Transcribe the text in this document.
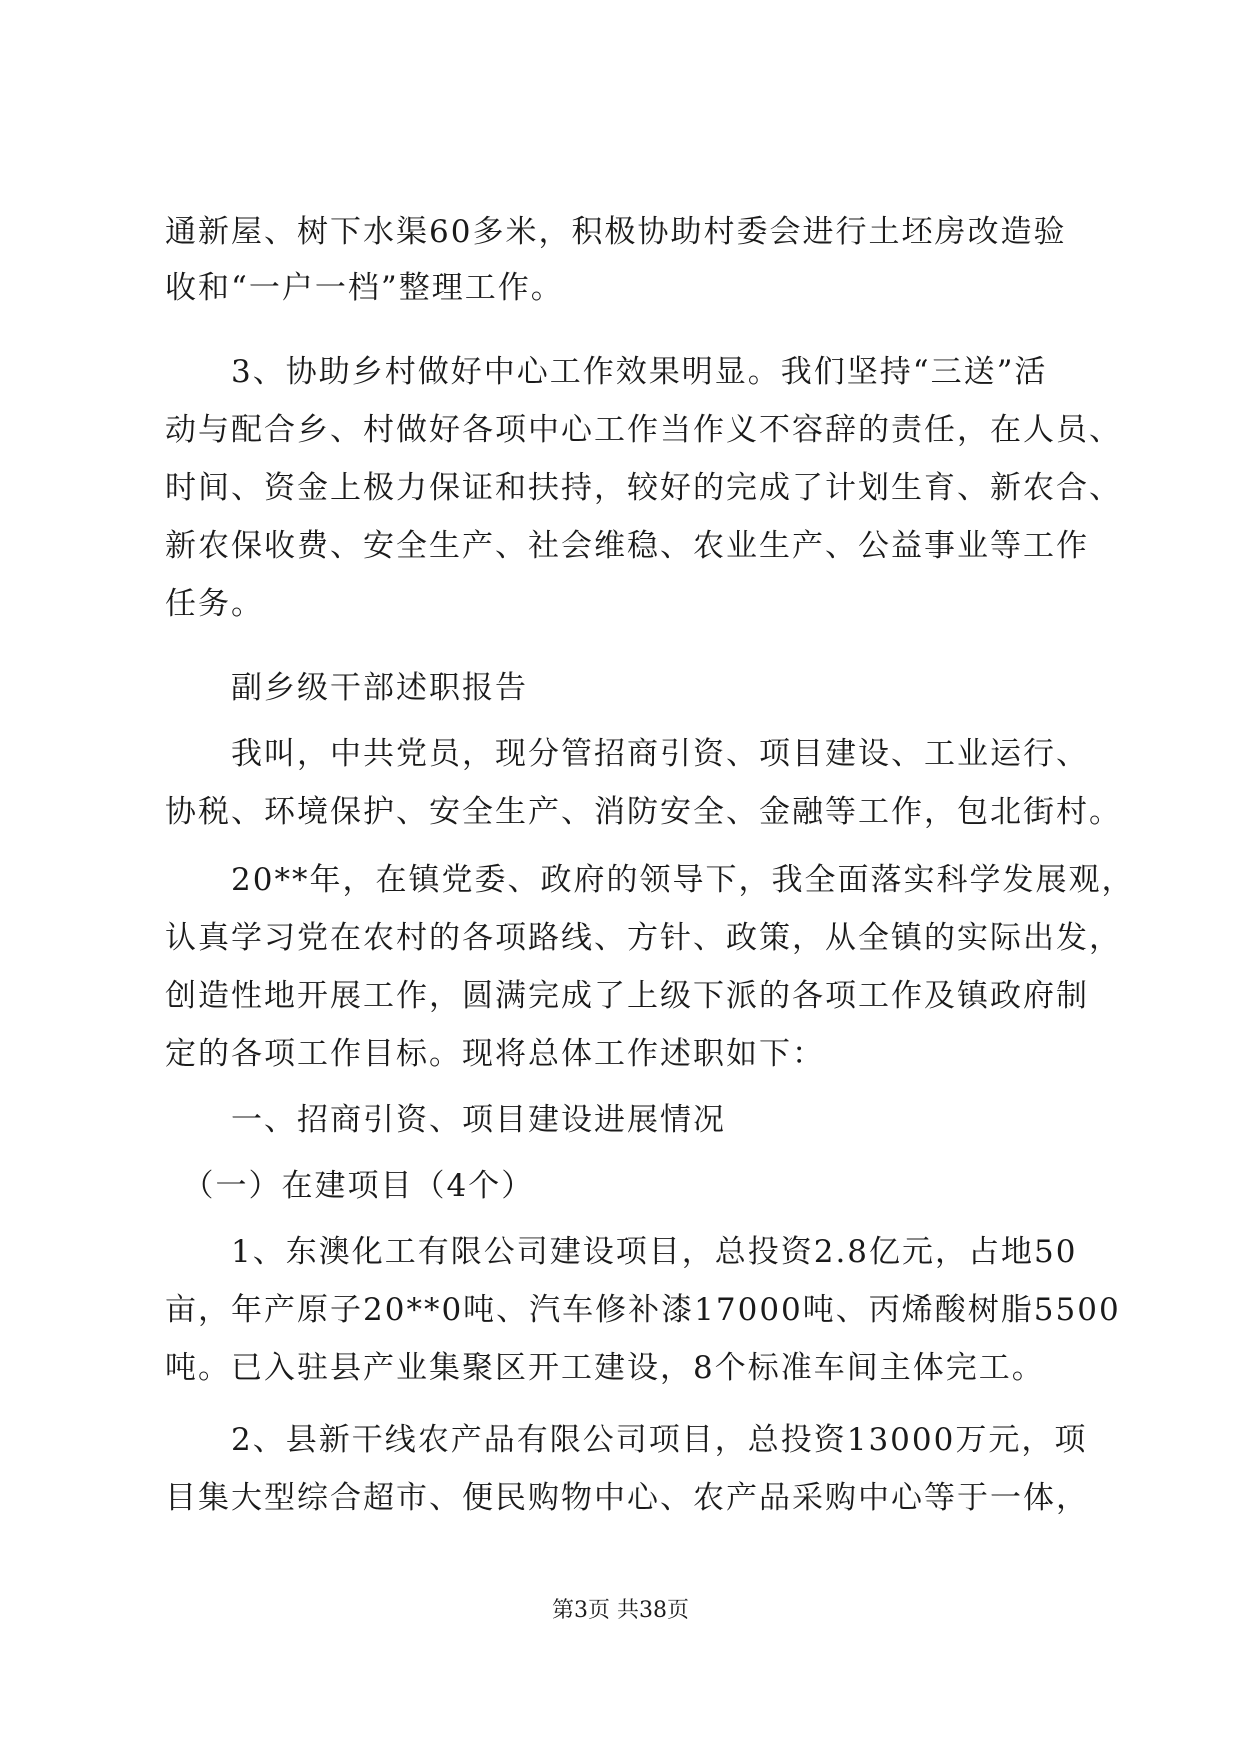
通新屋、树下水渠60多米，积极协助村委会进行土坯房改造验
收和“一户一档”整理工作。
　　3、协助乡村做好中心工作效果明显。我们坚持“三送”活
动与配合乡、村做好各项中心工作当作义不容辞的责任，在人员、
时间、资金上极力保证和扶持，较好的完成了计划生育、新农合、
新农保收费、安全生产、社会维稳、农业生产、公益事业等工作
任务。
　　副乡级干部述职报告
　　我叫，中共党员，现分管招商引资、项目建设、工业运行、
协税、环境保护、安全生产、消防安全、金融等工作，包北街村。
　　20**年，在镇党委、政府的领导下，我全面落实科学发展观，
认真学习党在农村的各项路线、方针、政策，从全镇的实际出发，
创造性地开展工作，圆满完成了上级下派的各项工作及镇政府制
定的各项工作目标。现将总体工作述职如下：
　　一、招商引资、项目建设进展情况
　（一）在建项目（4个）
　　1、东澳化工有限公司建设项目，总投资2.8亿元，占地50
亩，年产原子20**0吨、汽车修补漆17000吨、丙烯酸树脂5500
吨。已入驻县产业集聚区开工建设，8个标准车间主体完工。
　　2、县新干线农产品有限公司项目，总投资13000万元，项
目集大型综合超市、便民购物中心、农产品采购中心等于一体，
第3页 共38页
